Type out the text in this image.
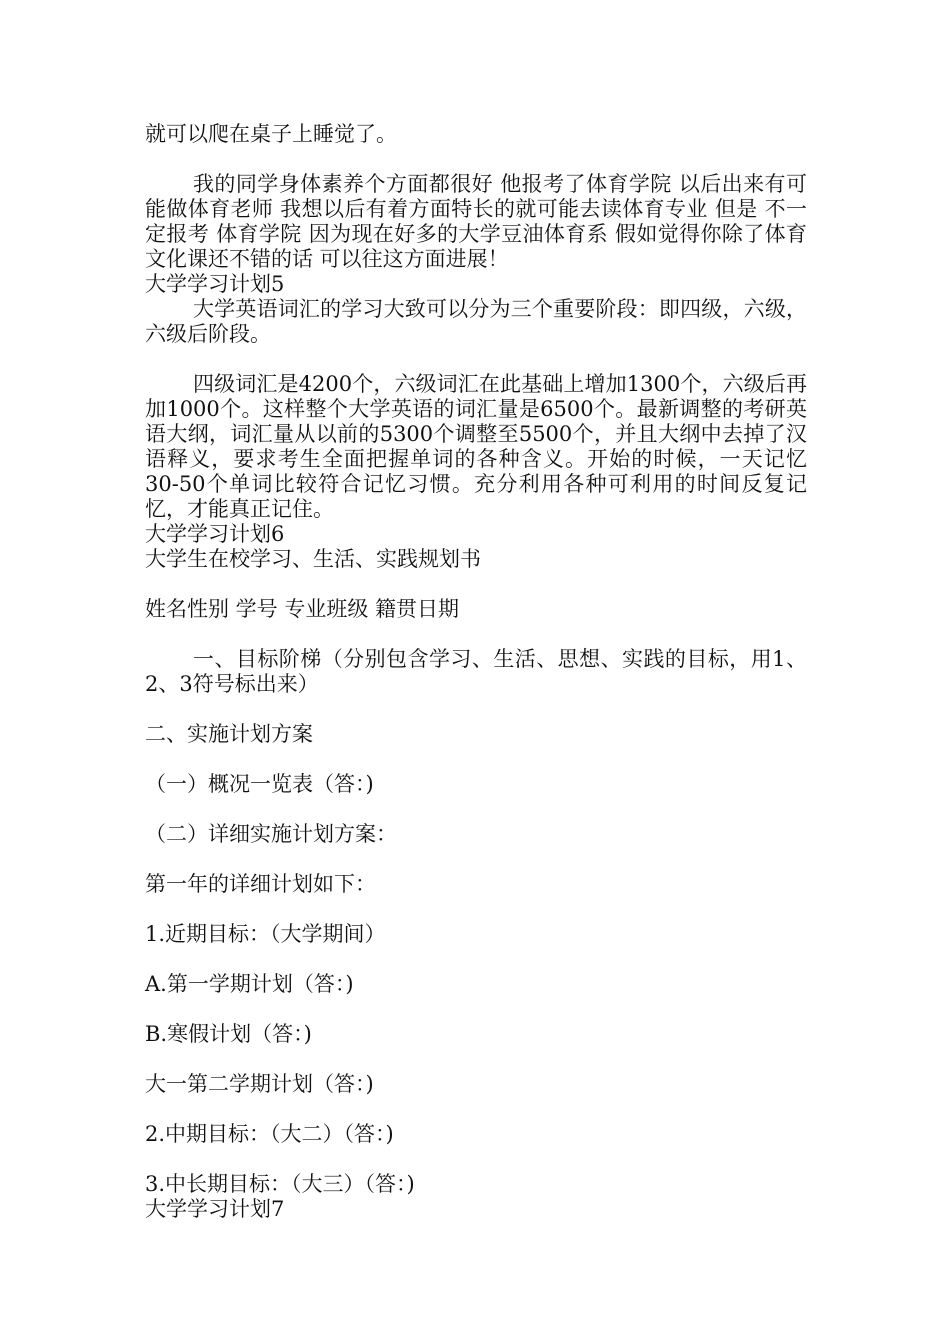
就可以爬在桌子上睡觉了。

我的同学身体素养个方面都很好 他报考了体育学院 以后出来有可能做体育老师 我想以后有着方面特长的就可能去读体育专业 但是 不一定报考 体育学院 因为现在好多的大学豆油体育系 假如觉得你除了体育 文化课还不错的话 可以往这方面进展！

大学学习计划5

大学英语词汇的学习大致可以分为三个重要阶段：即四级，六级，六级后阶段。

四级词汇是4200个，六级词汇在此基础上增加1300个，六级后再加1000个。这样整个大学英语的词汇量是6500个。最新调整的考研英语大纲，词汇量从以前的5300个调整至5500个，并且大纲中去掉了汉语释义，要求考生全面把握单词的各种含义。开始的时候，一天记忆30-50个单词比较符合记忆习惯。充分利用各种可利用的时间反复记忆，才能真正记住。

大学学习计划6

大学生在校学习、生活、实践规划书

姓名性别 学号 专业班级 籍贯日期

一、目标阶梯（分别包含学习、生活、思想、实践的目标，用1、2、3符号标出来）

二、实施计划方案

（一）概况一览表（答：)

（二）详细实施计划方案：

第一年的详细计划如下：

1.近期目标：（大学期间）

A.第一学期计划（答：)

B.寒假计划（答：)

大一第二学期计划（答：)

2.中期目标：（大二）（答：)

3.中长期目标：（大三）（答：)

大学学习计划7
